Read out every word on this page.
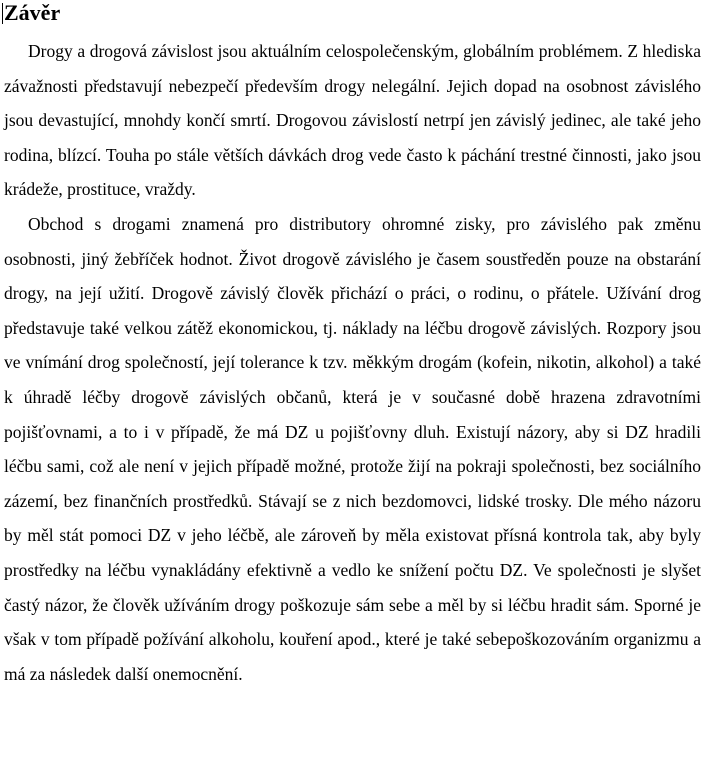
Závěr

Drogy a drogová závislost jsou aktuálním celospolečenským, globálním problémem. Z hlediska závažnosti představují nebezpečí především drogy nelegální. Jejich dopad na osobnost závislého jsou devastující, mnohdy končí smrtí. Drogovou závislostí netrpí jen závislý jedinec, ale také jeho rodina, blízcí. Touha po stále větších dávkách drog vede často k páchání trestné činnosti, jako jsou krádeže, prostituce, vraždy.

Obchod s drogami znamená pro distributory ohromné zisky, pro závislého pak změnu osobnosti, jiný žebříček hodnot. Život drogově závislého je časem soustředěn pouze na obstarání drogy, na její užití. Drogově závislý člověk přichází o práci, o rodinu, o přátele. Užívání drog představuje také velkou zátěž ekonomickou, tj. náklady na léčbu drogově závislých. Rozpory jsou ve vnímání drog společností, její tolerance k tzv. měkkým drogám (kofein, nikotin, alkohol) a také k úhradě léčby drogově závislých občanů, která je v současné době hrazena zdravotními pojišťovnami, a to i v případě, že má DZ u pojišťovny dluh. Existují názory, aby si DZ hradili léčbu sami, což ale není v jejich případě možné, protože žijí na pokraji společnosti, bez sociálního zázemí, bez finančních prostředků. Stávají se z nich bezdomovci, lidské trosky. Dle mého názoru by měl stát pomoci DZ v jeho léčbě, ale zároveň by měla existovat přísná kontrola tak, aby byly prostředky na léčbu vynakládány efektivně a vedlo ke snížení počtu DZ. Ve společnosti je slyšet častý názor, že člověk užíváním drogy poškozuje sám sebe a měl by si léčbu hradit sám. Sporné je však v tom případě požívání alkoholu, kouření apod., které je také sebepoškozováním organizmu a má za následek další onemocnění.
